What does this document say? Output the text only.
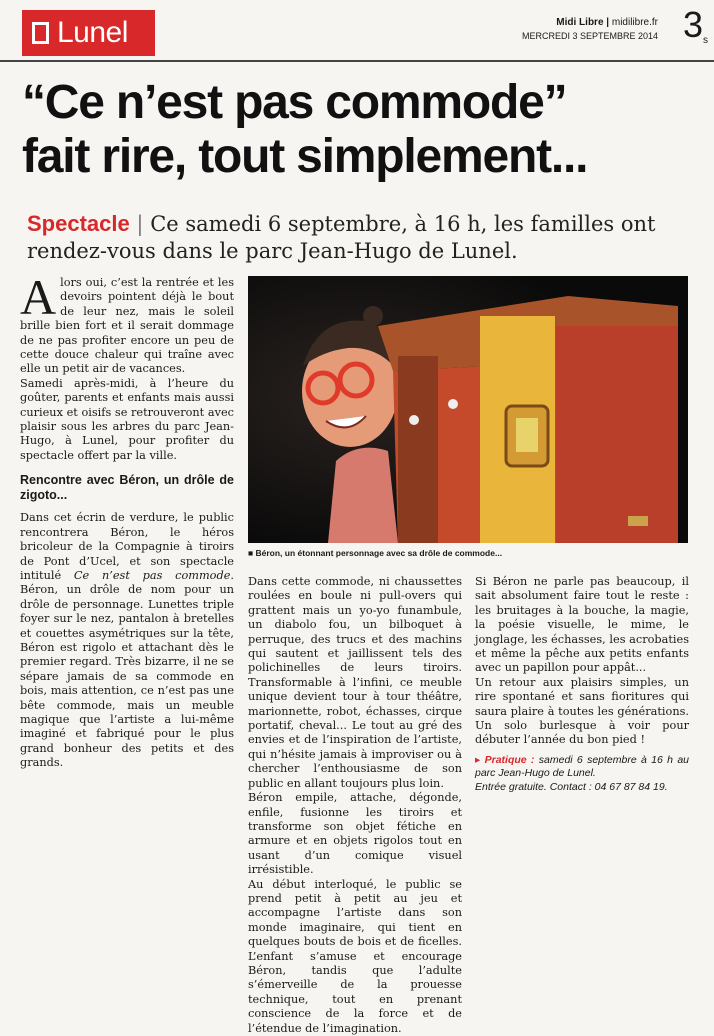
Lunel	Midi Libre | midilibre.fr
MERCREDI 3 SEPTEMBRE 2014 3s
“Ce n’est pas commode”
fait rire, tout simplement...
Spectacle | Ce samedi 6 septembre, à 16 h, les familles ont rendez-vous dans le parc Jean-Hugo de Lunel.

Alors oui, c’est la rentrée et les devoirs pointent déjà le bout de leur nez, mais le soleil brille bien fort et il serait dommage de ne pas profiter encore un peu de cette douce chaleur qui traîne avec elle un petit air de vacances.

Samedi après-midi, à l’heure du goûter, parents et enfants mais aussi curieux et oisifs se retrouveront avec plaisir sous les arbres du parc Jean-Hugo, à Lunel, pour profiter du spectacle offert par la ville.

Rencontre avec Béron, un drôle de zigoto...

Dans cet écrin de verdure, le public rencontrera Béron, le héros bricoleur de la Compagnie à tiroirs de Pont d’Ucel, et son spectacle intitulé Ce n’est pas commode. Béron, un drôle de nom pour un drôle de personnage. Lunettes triple foyer sur le nez, pantalon à bretelles et couettes asymétriques sur la tête, Béron est rigolo et attachant dès le premier regard. Très bizarre, il ne se sépare jamais de sa commode en bois, mais attention, ce n’est pas une bête commode, mais un meuble magique que l’artiste a lui-même imaginé et fabriqué pour le plus grand bonheur des petits et des grands.

■ Béron, un étonnant personnage avec sa drôle de commode...

Dans cette commode, ni chaussettes roulées en boule ni pull-overs qui grattent mais un yo-yo funambule, un diabolo fou, un bilboquet à perruque, des trucs et des machins qui sautent et jaillissent tels des polichinelles de leurs tiroirs. Transformable à l’infini, ce meuble unique devient tour à tour théâtre, marionnette, robot, échasses, cirque portatif, cheval... Le tout au gré des envies et de l’inspiration de l’artiste, qui n’hésite jamais à improviser ou à chercher l’enthousiasme de son public en allant toujours plus loin.

Béron empile, attache, dégonde, enfile, fusionne les tiroirs et transforme son objet fétiche en armure et en objets rigolos tout en usant d’un comique visuel irrésistible.

Au début interloqué, le public se prend petit à petit au jeu et accompagne l’artiste dans son monde imaginaire, qui tient en quelques bouts de bois et de ficelles. L’enfant s’amuse et encourage Béron, tandis que l’adulte s’émerveille de la prouesse technique, tout en prenant conscience de la force et de l’étendue de l’imagination.

Si Béron ne parle pas beaucoup, il sait absolument faire tout le reste : les bruitages à la bouche, la magie, la poésie visuelle, le mime, le jonglage, les échasses, les acrobaties et même la pêche aux petits enfants avec un papillon pour appât...

Un retour aux plaisirs simples, un rire spontané et sans fioritures qui saura plaire à toutes les générations. Un solo burlesque à voir pour débuter l’année du bon pied !

▸ Pratique : samedi 6 septembre à 16 h au parc Jean-Hugo de Lunel.
Entrée gratuite. Contact : 04 67 87 84 19.
